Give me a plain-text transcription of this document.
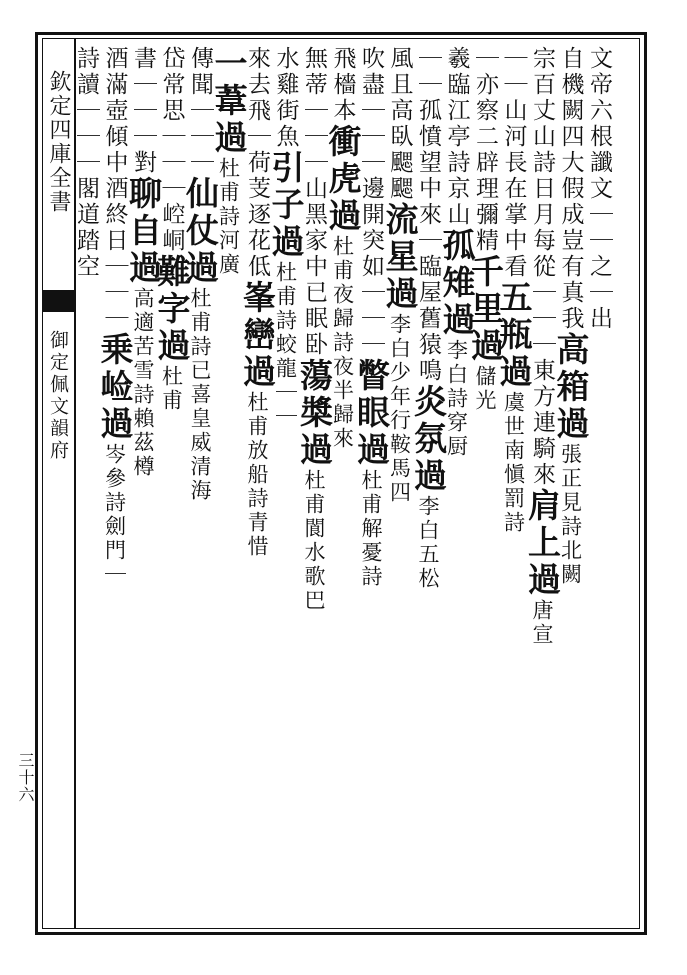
欽定四庫全書
御定佩文韻府
三十六
文帝六根讖文｜｜之｜出
自機闕四大假成豈有真我高箱過張正見詩北闕
宗百丈山詩日月每從｜｜｜東方連騎來肩上過唐宣
｜｜山河長在掌中看五瓶過虞世南愼罰詩
｜亦察二辟理彌精千里過儲光
羲臨江亭詩京山孤雉過李白詩穿厨
｜｜孤憤望中來｜臨屋舊猿鳴炎氛過李白五松
風且高臥颸颸流星過李白少年行鞍馬四
吹盡｜｜｜邊開突如｜｜｜瞥眼過杜甫解憂詩
飛檣本衝虎過杜甫夜歸詩夜半歸來
無蒂｜｜｜山黑家中已眠卧蕩槳過杜甫閬水歌巴
水雞街魚引子過杜甫詩蛟龍｜｜
來去飛｜荷芰逐花低峯巒過杜甫放船詩青惜
一葦過杜甫詩河廣
傳聞｜｜｜仙仗過杜甫詩已喜皇威清海
岱常思｜｜｜崆峒難字過杜甫
書｜｜｜對聊自過高適苦雪詩賴茲樽
酒滿壺傾中酒終日｜｜｜乗崄過岑參詩劍門｜
詩讀｜｜｜閣道踏空
